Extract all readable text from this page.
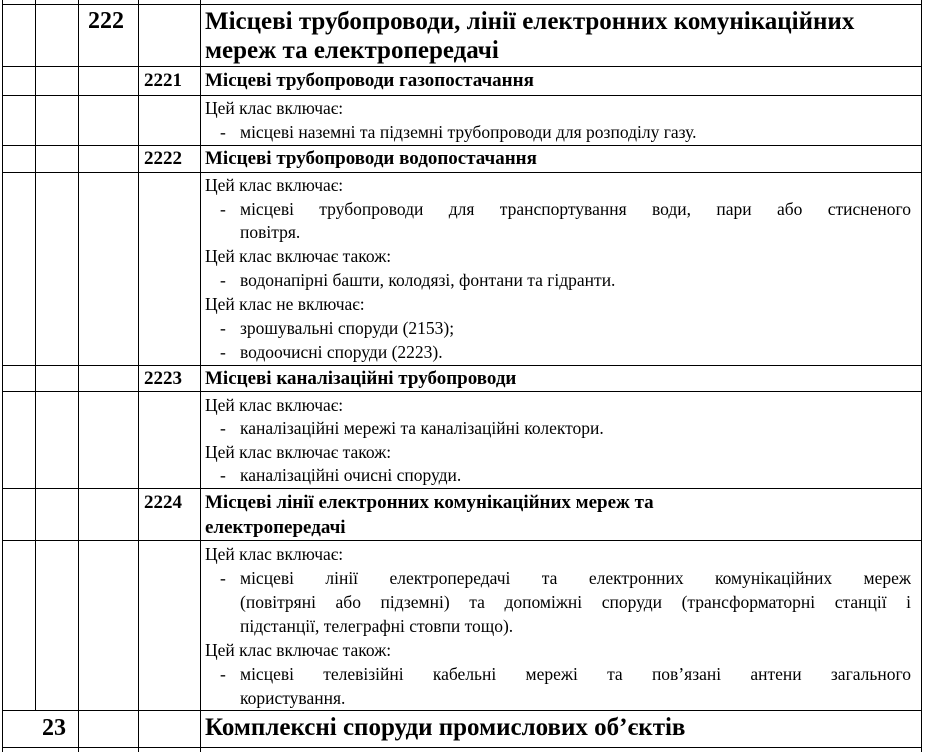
222	Місцеві трубопроводи, лінії електронних комунікаційних
мереж та електропередачі
2221 Місцеві трубопроводи газопостачання
Цей клас включає:
- місцеві наземні та підземні трубопроводи для розподілу газу.
2222 Місцеві трубопроводи водопостачання
Цей клас включає:
- місцеві трубопроводи для транспортування води, пари або стисненого
повітря.
Цей клас включає також:
- водонапірні башти, колодязі, фонтани та гідранти.
Цей клас не включає:
- зрошувальні споруди (2153);
- водоочисні споруди (2223).
2223 Місцеві каналізаційні трубопроводи
Цей клас включає:
- каналізаційні мережі та каналізаційні колектори.
Цей клас включає також:
- каналізаційні очисні споруди.
2224 Місцеві лінії електронних комунікаційних мереж та
електропередачі
Цей клас включає:
- місцеві лінії електропередачі та електронних комунікаційних мереж
(повітряні або підземні) та допоміжні споруди (трансформаторні станції і
підстанції, телеграфні стовпи тощо).
Цей клас включає також:
- місцеві телевізійні кабельні мережі та пов’язані антени загального
користування.
23	Комплексні споруди промислових об’єктів
